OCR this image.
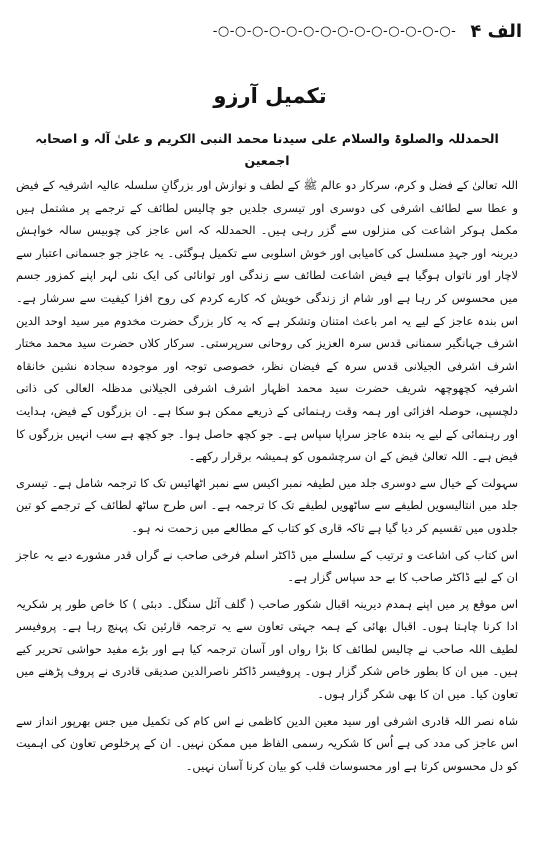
-○-○-○-○-○-○-○-○-○-○-○-○-○-○- الف ۴
تکمیل آرزو

الحمدللہ والصلوۃ والسلام علی سیدنا محمد النبی الکریم و علیٰ آلہ و اصحابہ اجمعین

اللہ تعالیٰ کے فضل و کرم، سرکار دو عالم ﷺ کے لطف و نوازش اور بزرگانِ سلسلہ عالیہ اشرفیہ کے فیض و عطا سے لطائف اشرفی کی دوسری اور تیسری جلدیں جو چالیس لطائف کے ترجمے پر مشتمل ہیں مکمل ہوکر اشاعت کی منزلوں سے گزر رہی ہیں۔ الحمدللہ کہ اس عاجز کی چوبیس سالہ خواہش دیرینہ اور جہدِ مسلسل کی کامیابی اور خوش اسلوبی سے تکمیل ہوگئی۔ یہ عاجز جو جسمانی اعتبار سے لاچار اور ناتواں ہوگیا ہے فیض اشاعت لطائف سے زندگی اور توانائی کی ایک نئی لہر اپنے کمزور جسم میں محسوس کر رہا ہے اور شام از زندگی خویش کہ کارے کردم کی روح افزا کیفیت سے سرشار ہے۔ اس بندہ عاجز کے لیے یہ امر باعث امتنان وتشکر ہے کہ یہ کار بزرگ حضرت مخدوم میر سید اوحد الدین اشرف جہانگیر سمنانی قدس سرہ العزیز کی روحانی سرپرستی۔ سرکار کلاں حضرت سید محمد مختار اشرف اشرفی الجیلانی قدس سرہ کے فیضان نظر، خصوصی توجہ اور موجودہ سجادہ نشین خانقاہ اشرفیہ کچھوچھہ شریف حضرت سید محمد اظہار اشرف اشرفی الجیلانی مدظلہ العالی کی ذاتی دلچسپی، حوصلہ افزائی اور ہمہ وقت رہنمائی کے ذریعے ممکن ہو سکا ہے۔ ان بزرگوں کے فیض، ہدایت اور رہنمائی کے لیے یہ بندہ عاجز سراپا سپاس ہے۔ جو کچھ حاصل ہوا۔ جو کچھ ہے سب انہیں بزرگوں کا فیض ہے۔ اللہ تعالیٰ فیض کے ان سرچشموں کو ہمیشہ برقرار رکھے۔

سہولت کے خیال سے دوسری جلد میں لطیفہ نمبر اکیس سے نمبر اٹھائیس تک کا ترجمہ شامل ہے۔ تیسری جلد میں انتالیسویں لطیفے سے ساٹھویں لطیفے تک کا ترجمہ ہے۔ اس طرح ساٹھ لطائف کے ترجمے کو تین جلدوں میں تقسیم کر دیا گیا ہے تاکہ قاری کو کتاب کے مطالعے میں زحمت نہ ہو۔

اس کتاب کی اشاعت و ترتیب کے سلسلے میں ڈاکٹر اسلم فرخی صاحب نے گراں قدر مشورے دیے یہ عاجز ان کے لیے ڈاکٹر صاحب کا بے حد سپاس گزار ہے۔

اس موقع پر میں اپنے ہمدم دیرینہ اقبال شکور صاحب ( گلف آئل سنگل۔ دبئی ) کا خاص طور پر شکریہ ادا کرنا چاہتا ہوں۔ اقبال بھائی کے ہمہ جہتی تعاون سے یہ ترجمہ قارئین تک پہنچ رہا ہے۔ پروفیسر لطیف اللہ صاحب نے چالیس لطائف کا بڑا رواں اور آسان ترجمہ کیا ہے اور بڑے مفید حواشی تحریر کیے ہیں۔ میں ان کا بطور خاص شکر گزار ہوں۔ پروفیسر ڈاکٹر ناصرالدین صدیقی قادری نے پروف پڑھنے میں تعاون کیا۔ میں ان کا بھی شکر گزار ہوں۔

شاہ نصر اللہ قادری اشرفی اور سید معین الدین کاظمی نے اس کام کی تکمیل میں جس بھرپور انداز سے اس عاجز کی مدد کی ہے اُس کا شکریہ رسمی الفاظ میں ممکن نہیں۔ ان کے پرخلوص تعاون کی اہمیت کو دل محسوس کرتا ہے اور محسوسات قلب کو بیان کرنا آسان نہیں۔
